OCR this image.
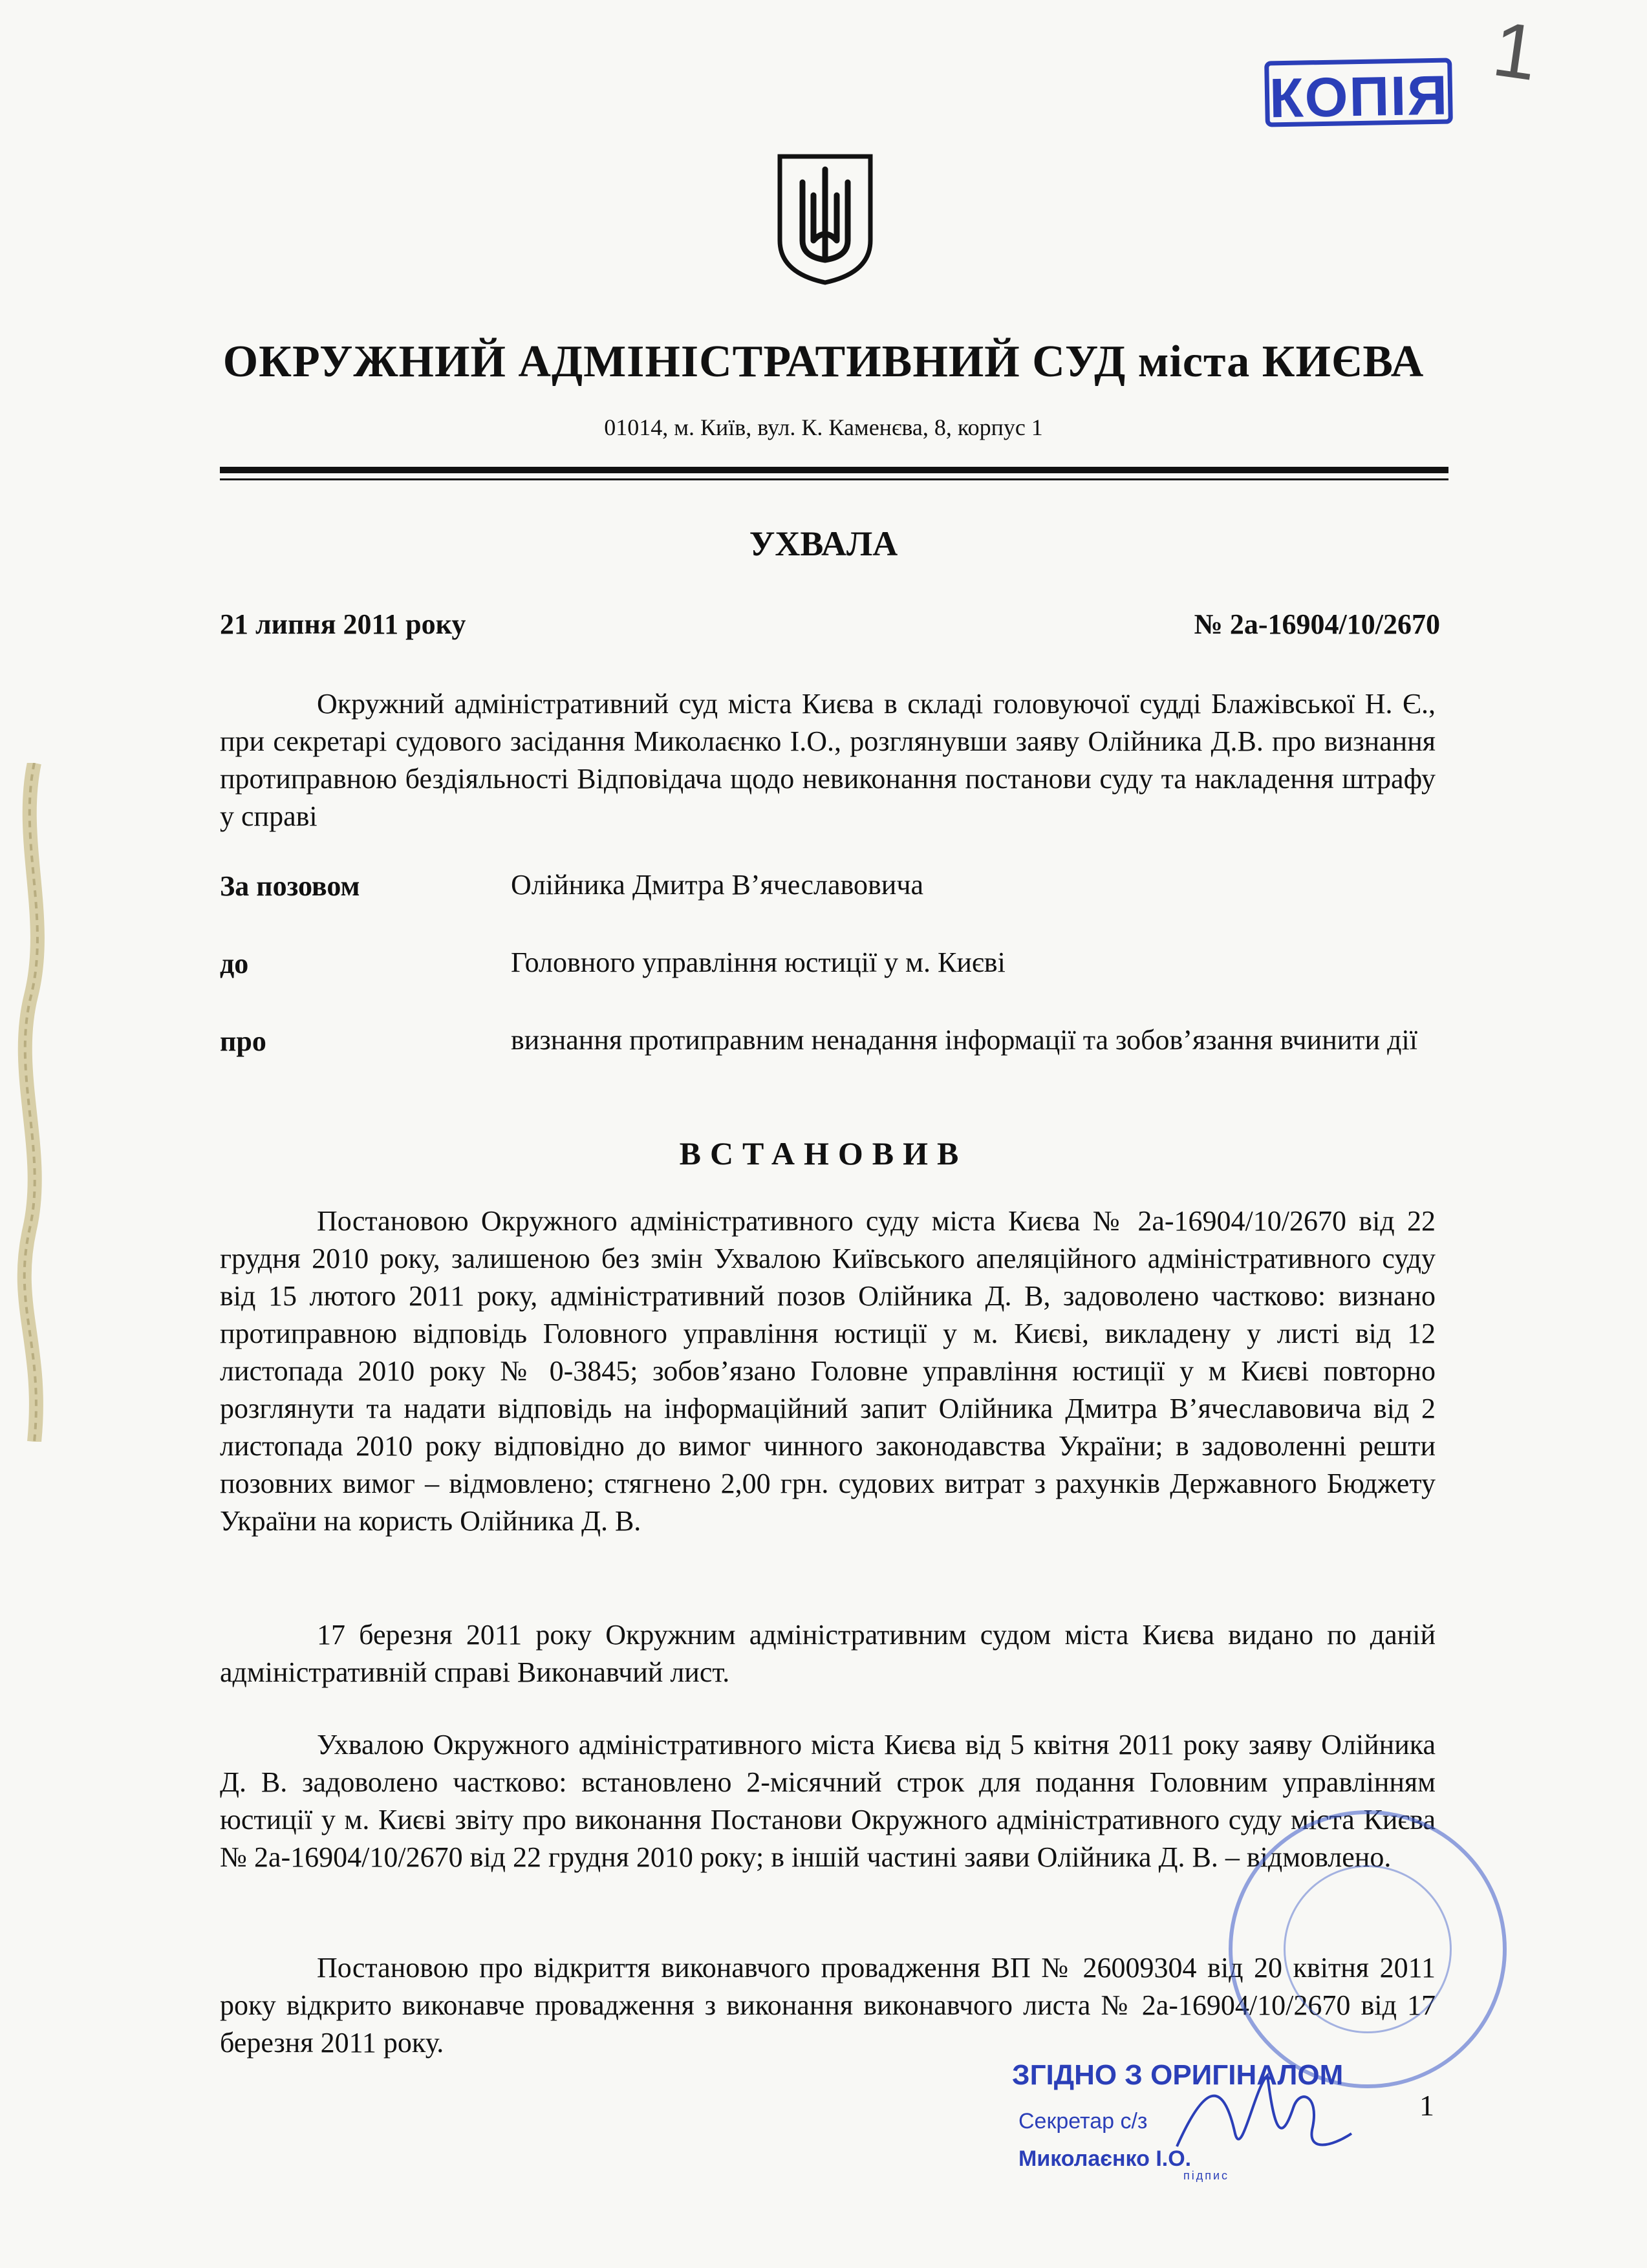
1
КОПІЯ
ОКРУЖНИЙ АДМІНІСТРАТИВНИЙ СУД міста КИЄВА
01014, м. Київ, вул. К. Каменєва, 8, корпус 1
УХВАЛА
21 липня 2011 року	№ 2а-16904/10/2670
Окружний адміністративний суд міста Києва в складі головуючої судді Блажівської Н. Є., при секретарі судового засідання Миколаєнко І.О., розглянувши заяву Олійника Д.В. про визнання протиправною бездіяльності Відповідача щодо невиконання постанови суду та накладення штрафу у справі
За позовом	Олійника Дмитра В’ячеславовича
до	Головного управління юстиції у м. Києві
про	визнання протиправним ненадання інформації та зобов’язання вчинити дії
ВСТАНОВИВ
Постановою Окружного адміністративного суду міста Києва № 2а-16904/10/2670 від 22 грудня 2010 року, залишеною без змін Ухвалою Київського апеляційного адміністративного суду від 15 лютого 2011 року, адміністративний позов Олійника Д. В, задоволено частково: визнано протиправною відповідь Головного управління юстиції у м. Києві, викладену у листі від 12 листопада 2010 року № 0-3845; зобов’язано Головне управління юстиції у м Києві повторно розглянути та надати відповідь на інформаційний запит Олійника Дмитра В’ячеславовича від 2 листопада 2010 року відповідно до вимог чинного законодавства України; в задоволенні решти позовних вимог – відмовлено; стягнено 2,00 грн. судових витрат з рахунків Державного Бюджету України на користь Олійника Д. В.
17 березня 2011 року Окружним адміністративним судом міста Києва видано по даній адміністративній справі Виконавчий лист.
Ухвалою Окружного адміністративного міста Києва від 5 квітня 2011 року заяву Олійника Д. В. задоволено частково: встановлено 2-місячний строк для подання Головним управлінням юстиції у м. Києві звіту про виконання Постанови Окружного адміністративного суду міста Києва № 2а-16904/10/2670 від 22 грудня 2010 року; в іншій частині заяви Олійника Д. В. – відмовлено.
Постановою про відкриття виконавчого провадження ВП № 26009304 від 20 квітня 2011 року відкрито виконавче провадження з виконання виконавчого листа № 2а-16904/10/2670 від 17 березня 2011 року.
ЗГІДНО З ОРИГІНАЛОМ
Секретар с/з
Миколаєнко І.О.
підпис
1
